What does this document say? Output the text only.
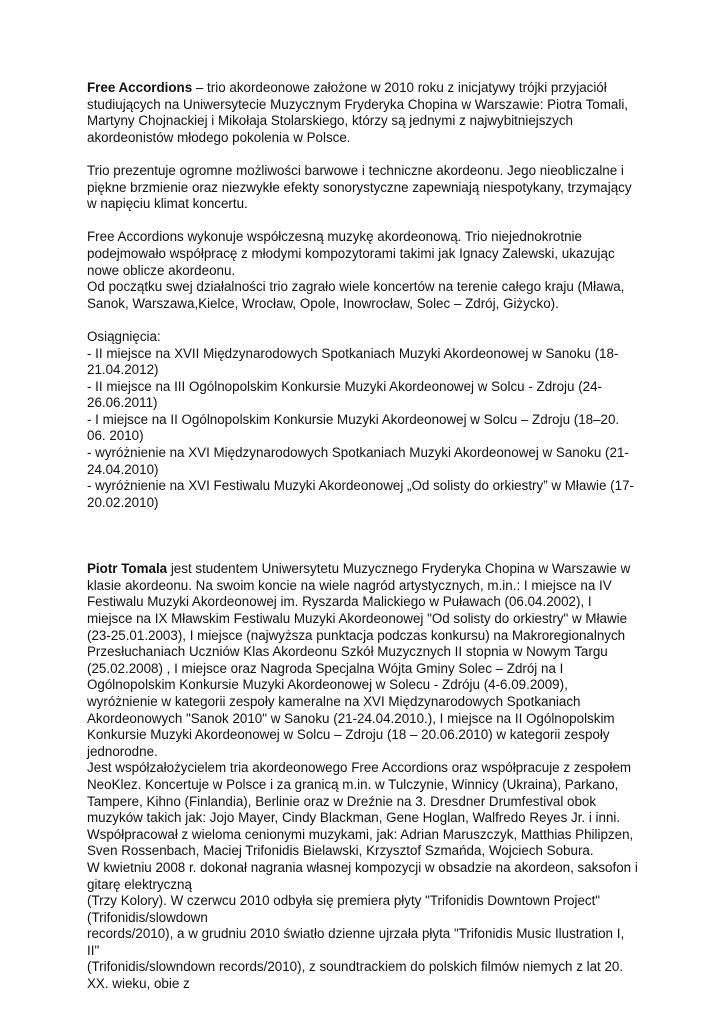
Free Accordions – trio akordeonowe założone w 2010 roku z inicjatywy trójki przyjaciół
studiujących na Uniwersytecie Muzycznym Fryderyka Chopina w Warszawie: Piotra Tomali,
Martyny Chojnackiej i Mikołaja Stolarskiego, którzy są jednymi z najwybitniejszych
akordeonistów młodego pokolenia w Polsce.
Trio prezentuje ogromne możliwości barwowe i techniczne akordeonu. Jego nieobliczalne i
piękne brzmienie oraz niezwykłe efekty sonorystyczne zapewniają niespotykany, trzymający
w napięciu klimat koncertu.
Free Accordions wykonuje współczesną muzykę akordeonową. Trio niejednokrotnie
podejmowało współpracę z młodymi kompozytorami takimi jak Ignacy Zalewski, ukazując
nowe oblicze akordeonu.
Od początku swej działalności trio zagrało wiele koncertów na terenie całego kraju (Mława,
Sanok, Warszawa,Kielce, Wrocław, Opole, Inowrocław, Solec – Zdrój, Giżycko).
Osiągnięcia:
- II miejsce na XVII Międzynarodowych Spotkaniach Muzyki Akordeonowej w Sanoku (18-
21.04.2012)
- II miejsce na III Ogólnopolskim Konkursie Muzyki Akordeonowej w Solcu - Zdroju (24-
26.06.2011)
- I miejsce na II Ogólnopolskim Konkursie Muzyki Akordeonowej w Solcu – Zdroju (18–20.
06. 2010)
- wyróżnienie na XVI Międzynarodowych Spotkaniach Muzyki Akordeonowej w Sanoku (21-
24.04.2010)
- wyróżnienie na XVI Festiwalu Muzyki Akordeonowej „Od solisty do orkiestry” w Mławie (17-
20.02.2010)
Piotr Tomala jest studentem Uniwersytetu Muzycznego Fryderyka Chopina w Warszawie w
klasie akordeonu. Na swoim koncie na wiele nagród artystycznych, m.in.: I miejsce na IV
Festiwalu Muzyki Akordeonowej im. Ryszarda Malickiego w Puławach (06.04.2002), I
miejsce na IX Mławskim Festiwalu Muzyki Akordeonowej "Od solisty do orkiestry" w Mławie
(23-25.01.2003), I miejsce (najwyższa punktacja podczas konkursu) na Makroregionalnych
Przesłuchaniach Uczniów Klas Akordeonu Szkół Muzycznych II stopnia w Nowym Targu
(25.02.2008) , I miejsce oraz Nagroda Specjalna Wójta Gminy Solec – Zdrój na I
Ogólnopolskim Konkursie Muzyki Akordeonowej w Solecu - Zdróju (4-6.09.2009),
wyróżnienie w kategorii zespoły kameralne na XVI Międzynarodowych Spotkaniach
Akordeonowych "Sanok 2010" w Sanoku (21-24.04.2010.), I miejsce na II Ogólnopolskim
Konkursie Muzyki Akordeonowej w Solcu – Zdroju (18 – 20.06.2010) w kategorii zespoły
jednorodne.
Jest współzałożycielem tria akordeonowego Free Accordions oraz współpracuje z zespołem
NeoKlez. Koncertuje w Polsce i za granicą m.in. w Tulczynie, Winnicy (Ukraina), Parkano,
Tampere, Kihno (Finlandia), Berlinie oraz w Dreźnie na 3. Dresdner Drumfestival obok
muzyków takich jak: Jojo Mayer, Cindy Blackman, Gene Hoglan, Walfredo Reyes Jr. i inni.
Współpracował z wieloma cenionymi muzykami, jak: Adrian Maruszczyk, Matthias Philipzen,
Sven Rossenbach, Maciej Trifonidis Bielawski, Krzysztof Szmańda, Wojciech Sobura.
W kwietniu 2008 r. dokonał nagrania własnej kompozycji w obsadzie na akordeon, saksofon i
gitarę elektryczną
(Trzy Kolory). W czerwcu 2010 odbyła się premiera płyty "Trifonidis Downtown Project"
(Trifonidis/slowdown
records/2010), a w grudniu 2010 światło dzienne ujrzała płyta "Trifonidis Music Ilustration I,
II"
(Trifonidis/slowndown records/2010), z soundtrackiem do polskich filmów niemych z lat 20.
XX. wieku, obie z
